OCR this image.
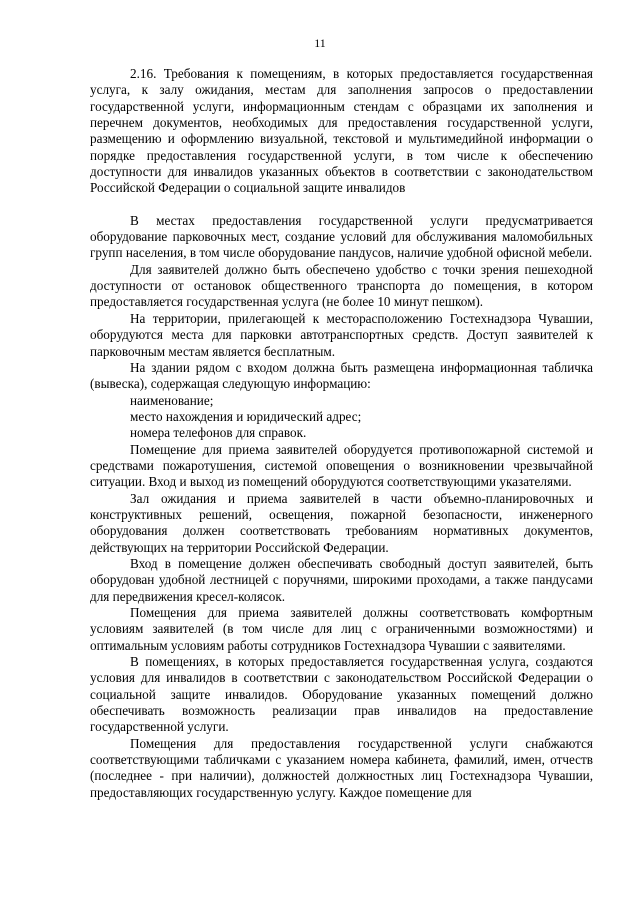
11

2.16. Требования к помещениям, в которых предоставляется государственная услуга, к залу ожидания, местам для заполнения запросов о предоставлении государственной услуги, информационным стендам с образцами их заполнения и перечнем документов, необходимых для предоставления государственной услуги, размещению и оформлению визуальной, текстовой и мультимедийной информации о порядке предоставления государственной услуги, в том числе к обеспечению доступности для инвалидов указанных объектов в соответствии с законодательством Российской Федерации о социальной защите инвалидов

В местах предоставления государственной услуги предусматривается оборудование парковочных мест, создание условий для обслуживания маломобильных групп населения, в том числе оборудование пандусов, наличие удобной офисной мебели.

Для заявителей должно быть обеспечено удобство с точки зрения пешеходной доступности от остановок общественного транспорта до помещения, в котором предоставляется государственная услуга (не более 10 минут пешком).

На территории, прилегающей к месторасположению Гостехнадзора Чувашии, оборудуются места для парковки автотранспортных средств. Доступ заявителей к парковочным местам является бесплатным.

На здании рядом с входом должна быть размещена информационная табличка (вывеска), содержащая следующую информацию:

наименование;

место нахождения и юридический адрес;

номера телефонов для справок.

Помещение для приема заявителей оборудуется противопожарной системой и средствами пожаротушения, системой оповещения о возникновении чрезвычайной ситуации. Вход и выход из помещений оборудуются соответствующими указателями.

Зал ожидания и приема заявителей в части объемно-планировочных и конструктивных решений, освещения, пожарной безопасности, инженерного оборудования должен соответствовать требованиям нормативных документов, действующих на территории Российской Федерации.

Вход в помещение должен обеспечивать свободный доступ заявителей, быть оборудован удобной лестницей с поручнями, широкими проходами, а также пандусами для передвижения кресел-колясок.

Помещения для приема заявителей должны соответствовать комфортным условиям заявителей (в том числе для лиц с ограниченными возможностями) и оптимальным условиям работы сотрудников Гостехнадзора Чувашии с заявителями.

В помещениях, в которых предоставляется государственная услуга, создаются условия для инвалидов в соответствии с законодательством Российской Федерации о социальной защите инвалидов. Оборудование указанных помещений должно обеспечивать возможность реализации прав инвалидов на предоставление государственной услуги.

Помещения для предоставления государственной услуги снабжаются соответствующими табличками с указанием номера кабинета, фамилий, имен, отчеств (последнее - при наличии), должностей должностных лиц Гостехнадзора Чувашии, предоставляющих государственную услугу. Каждое помещение для
